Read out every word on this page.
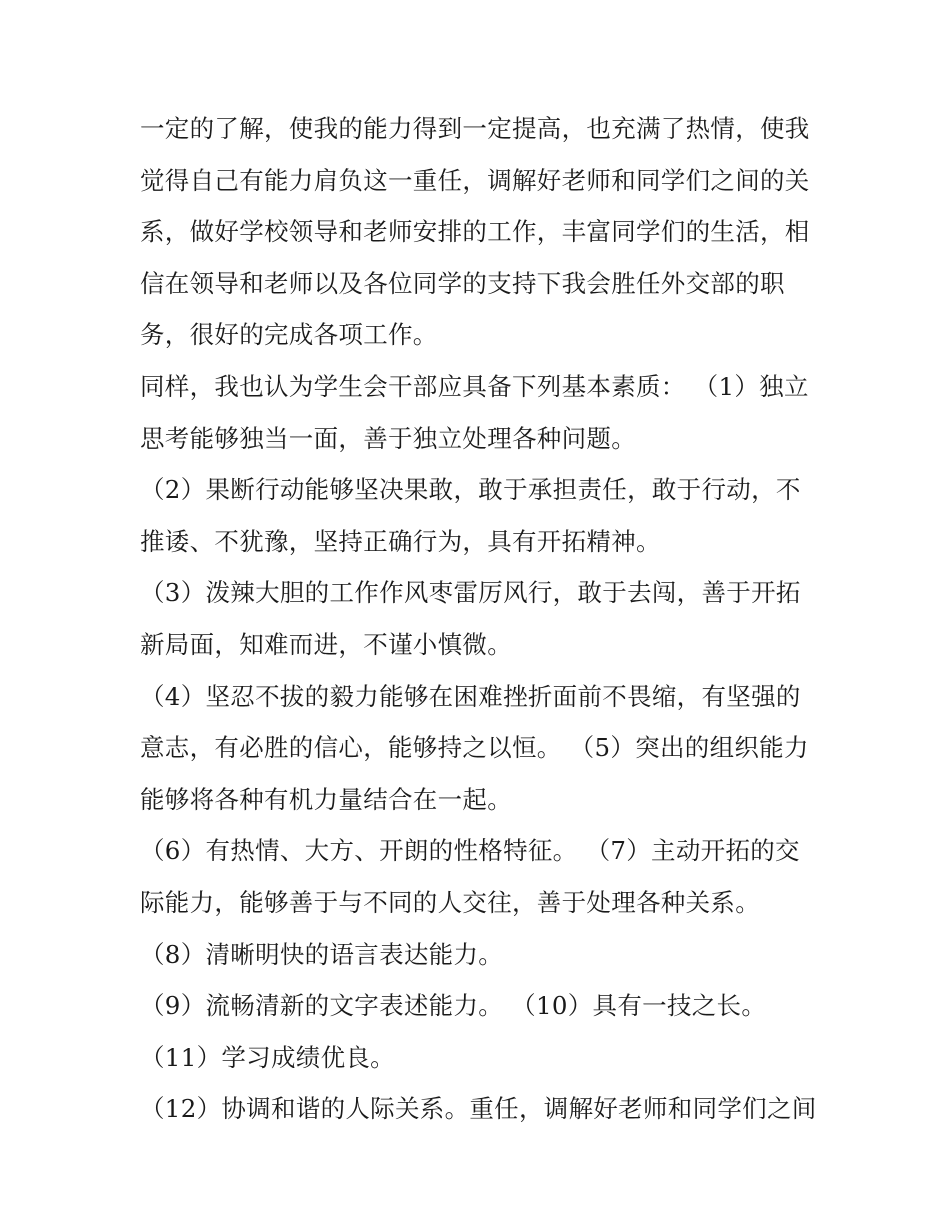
一定的了解，使我的能力得到一定提高，也充满了热情，使我
觉得自己有能力肩负这一重任，调解好老师和同学们之间的关
系，做好学校领导和老师安排的工作，丰富同学们的生活，相
信在领导和老师以及各位同学的支持下我会胜任外交部的职
务，很好的完成各项工作。
同样，我也认为学生会干部应具备下列基本素质： （1）独立
思考能够独当一面，善于独立处理各种问题。
（2）果断行动能够坚决果敢，敢于承担责任，敢于行动，不
推诿、不犹豫，坚持正确行为，具有开拓精神。
（3）泼辣大胆的工作作风枣雷厉风行，敢于去闯，善于开拓
新局面，知难而进，不谨小慎微。
（4）坚忍不拔的毅力能够在困难挫折面前不畏缩，有坚强的
意志，有必胜的信心，能够持之以恒。 （5）突出的组织能力
能够将各种有机力量结合在一起。
（6）有热情、大方、开朗的性格特征。 （7）主动开拓的交
际能力，能够善于与不同的人交往，善于处理各种关系。
（8）清晰明快的语言表达能力。
（9）流畅清新的文字表述能力。 （10）具有一技之长。
（11）学习成绩优良。
（12）协调和谐的人际关系。重任，调解好老师和同学们之间
